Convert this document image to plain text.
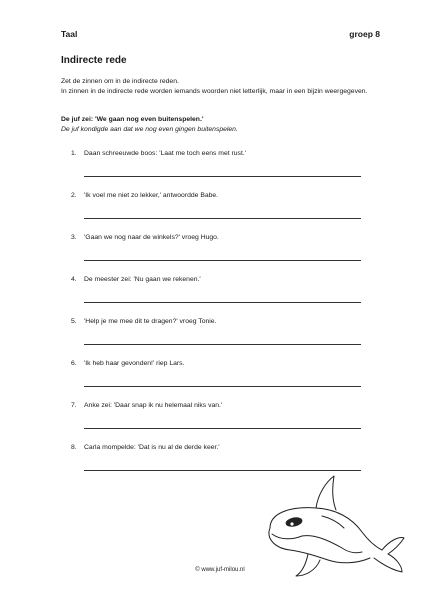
Taal	groep 8
Indirecte rede

Zet de zinnen om in de indirecte reden.

In zinnen in de indirecte rede worden iemands woorden niet letterlijk, maar in een bijzin weergegeven.

De juf zei: 'We gaan nog even buitenspelen.'
De juf kondigde aan dat we nog even gingen buitenspelen.
1. Daan schreeuwde boos: 'Laat me toch eens met rust.'
2. 'Ik voel me niet zo lekker,' antwoordde Babe.
3. 'Gaan we nog naar de winkels?' vroeg Hugo.
4. De meester zei: 'Nu gaan we rekenen.'
5. 'Help je me mee dit te dragen?' vroeg Tonie.
6. 'Ik heb haar gevonden!' riep Lars.
7. Anke zei: 'Daar snap ik nu helemaal niks van.'
8. Carla mompelde: 'Dat is nu al de derde keer.'
© www.juf-milou.nl
